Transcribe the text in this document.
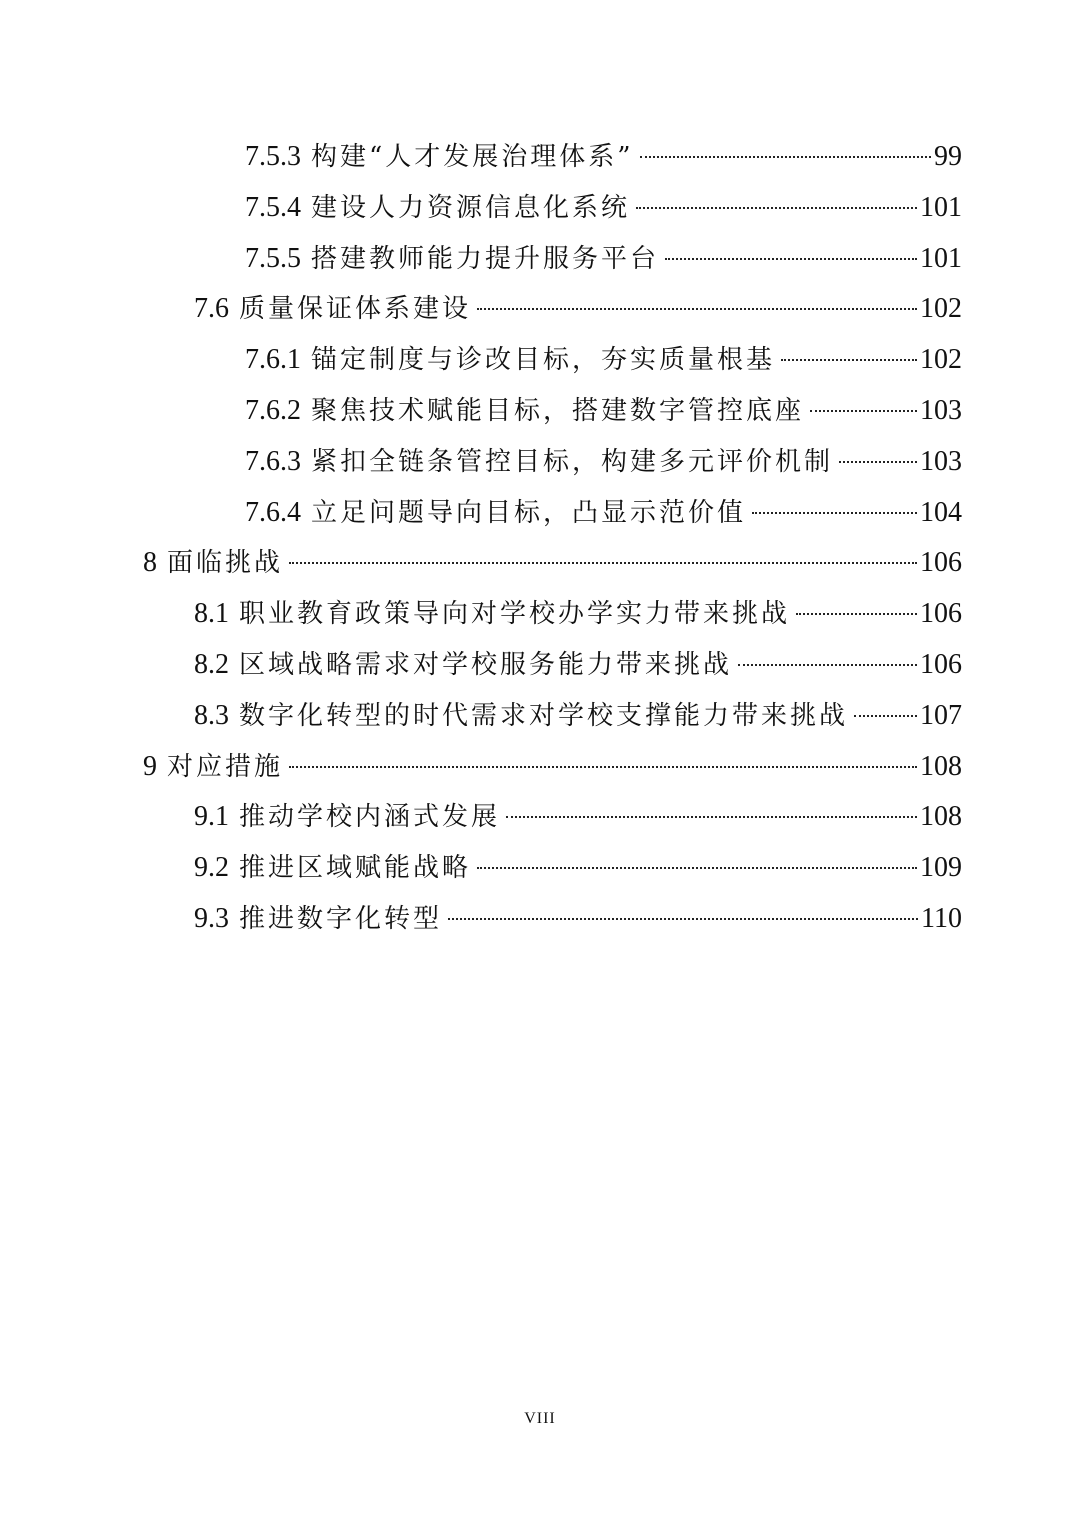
7.5.3 构建“人才发展治理体系”	99
7.5.4 建设人力资源信息化系统	101
7.5.5 搭建教师能力提升服务平台	101
7.6 质量保证体系建设	102
7.6.1 锚定制度与诊改目标，夯实质量根基	102
7.6.2 聚焦技术赋能目标，搭建数字管控底座	103
7.6.3 紧扣全链条管控目标，构建多元评价机制	103
7.6.4 立足问题导向目标，凸显示范价值	104
8 面临挑战	106
8.1 职业教育政策导向对学校办学实力带来挑战	106
8.2 区域战略需求对学校服务能力带来挑战	106
8.3 数字化转型的时代需求对学校支撑能力带来挑战	107
9 对应措施	108
9.1 推动学校内涵式发展	108
9.2 推进区域赋能战略	109
9.3 推进数字化转型	110
VIII
